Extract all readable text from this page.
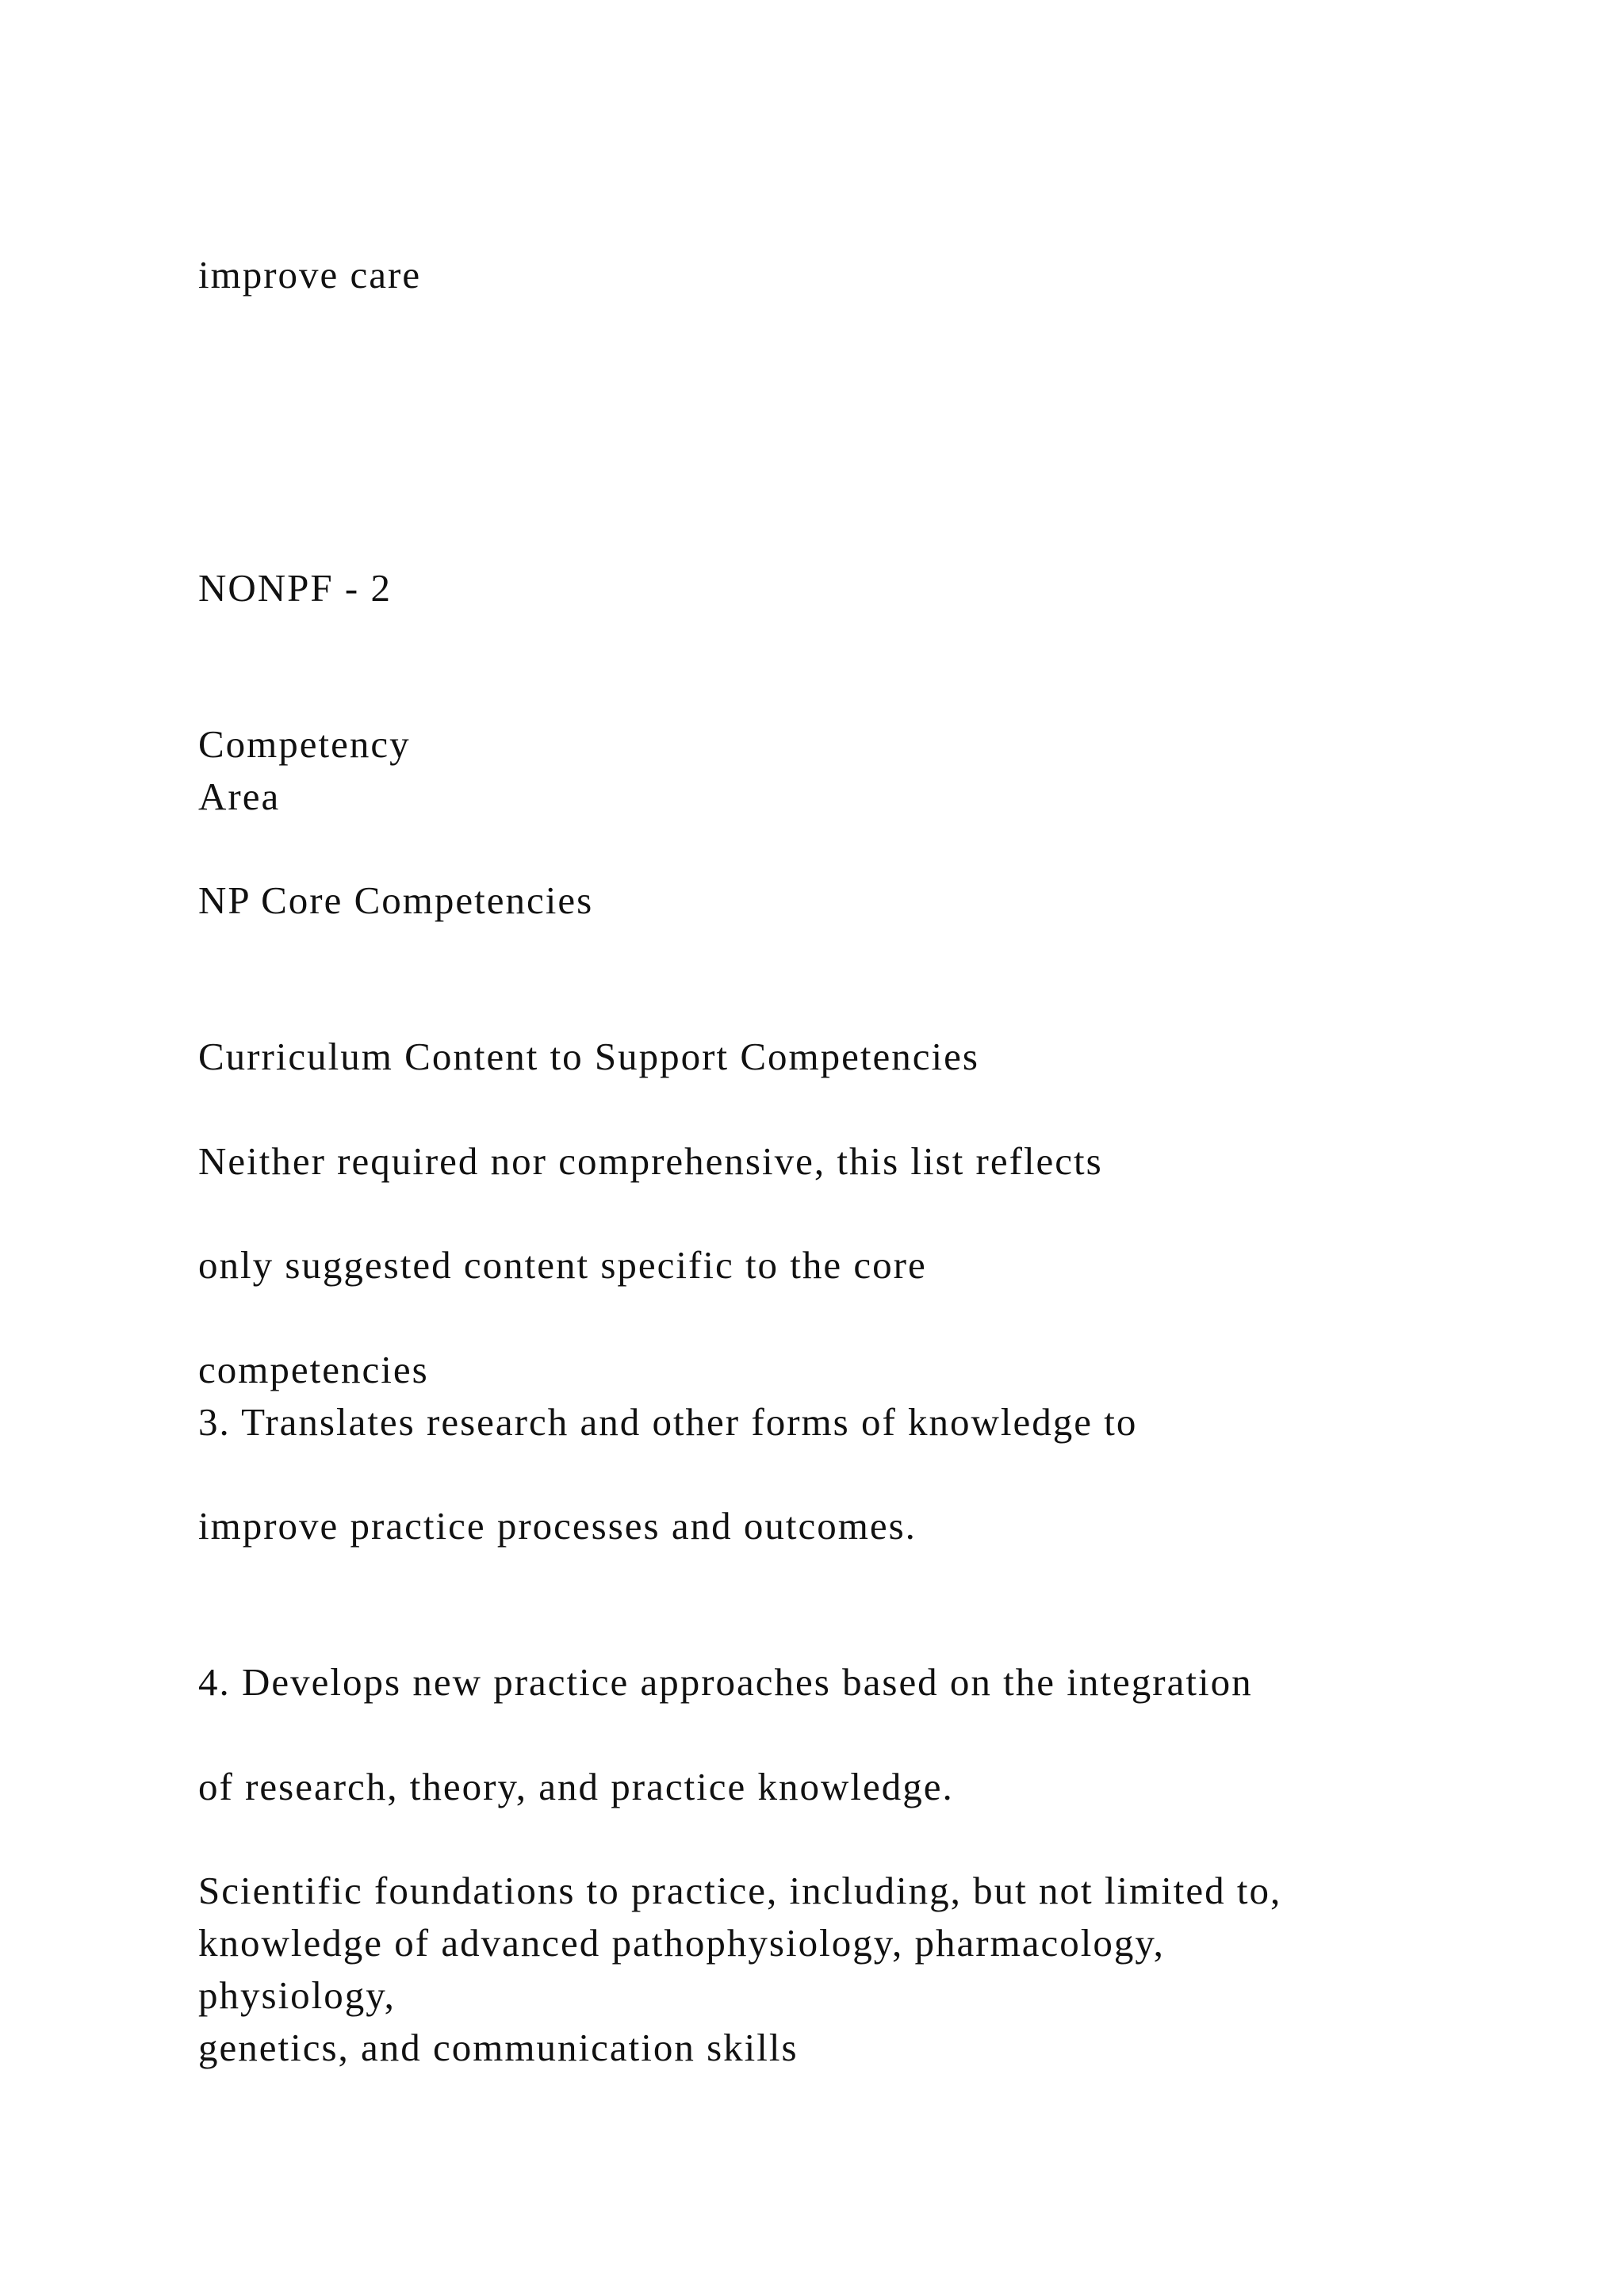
improve care
NONPF - 2
Competency
Area
NP Core Competencies
Curriculum Content to Support Competencies
Neither required nor comprehensive, this list reflects
only suggested content specific to the core
competencies
3. Translates research and other forms of knowledge to
improve practice processes and outcomes.
4. Develops new practice approaches based on the integration
of research, theory, and practice knowledge.
Scientific foundations to practice, including, but not limited to,
knowledge of advanced pathophysiology, pharmacology,
physiology,
genetics, and communication skills
